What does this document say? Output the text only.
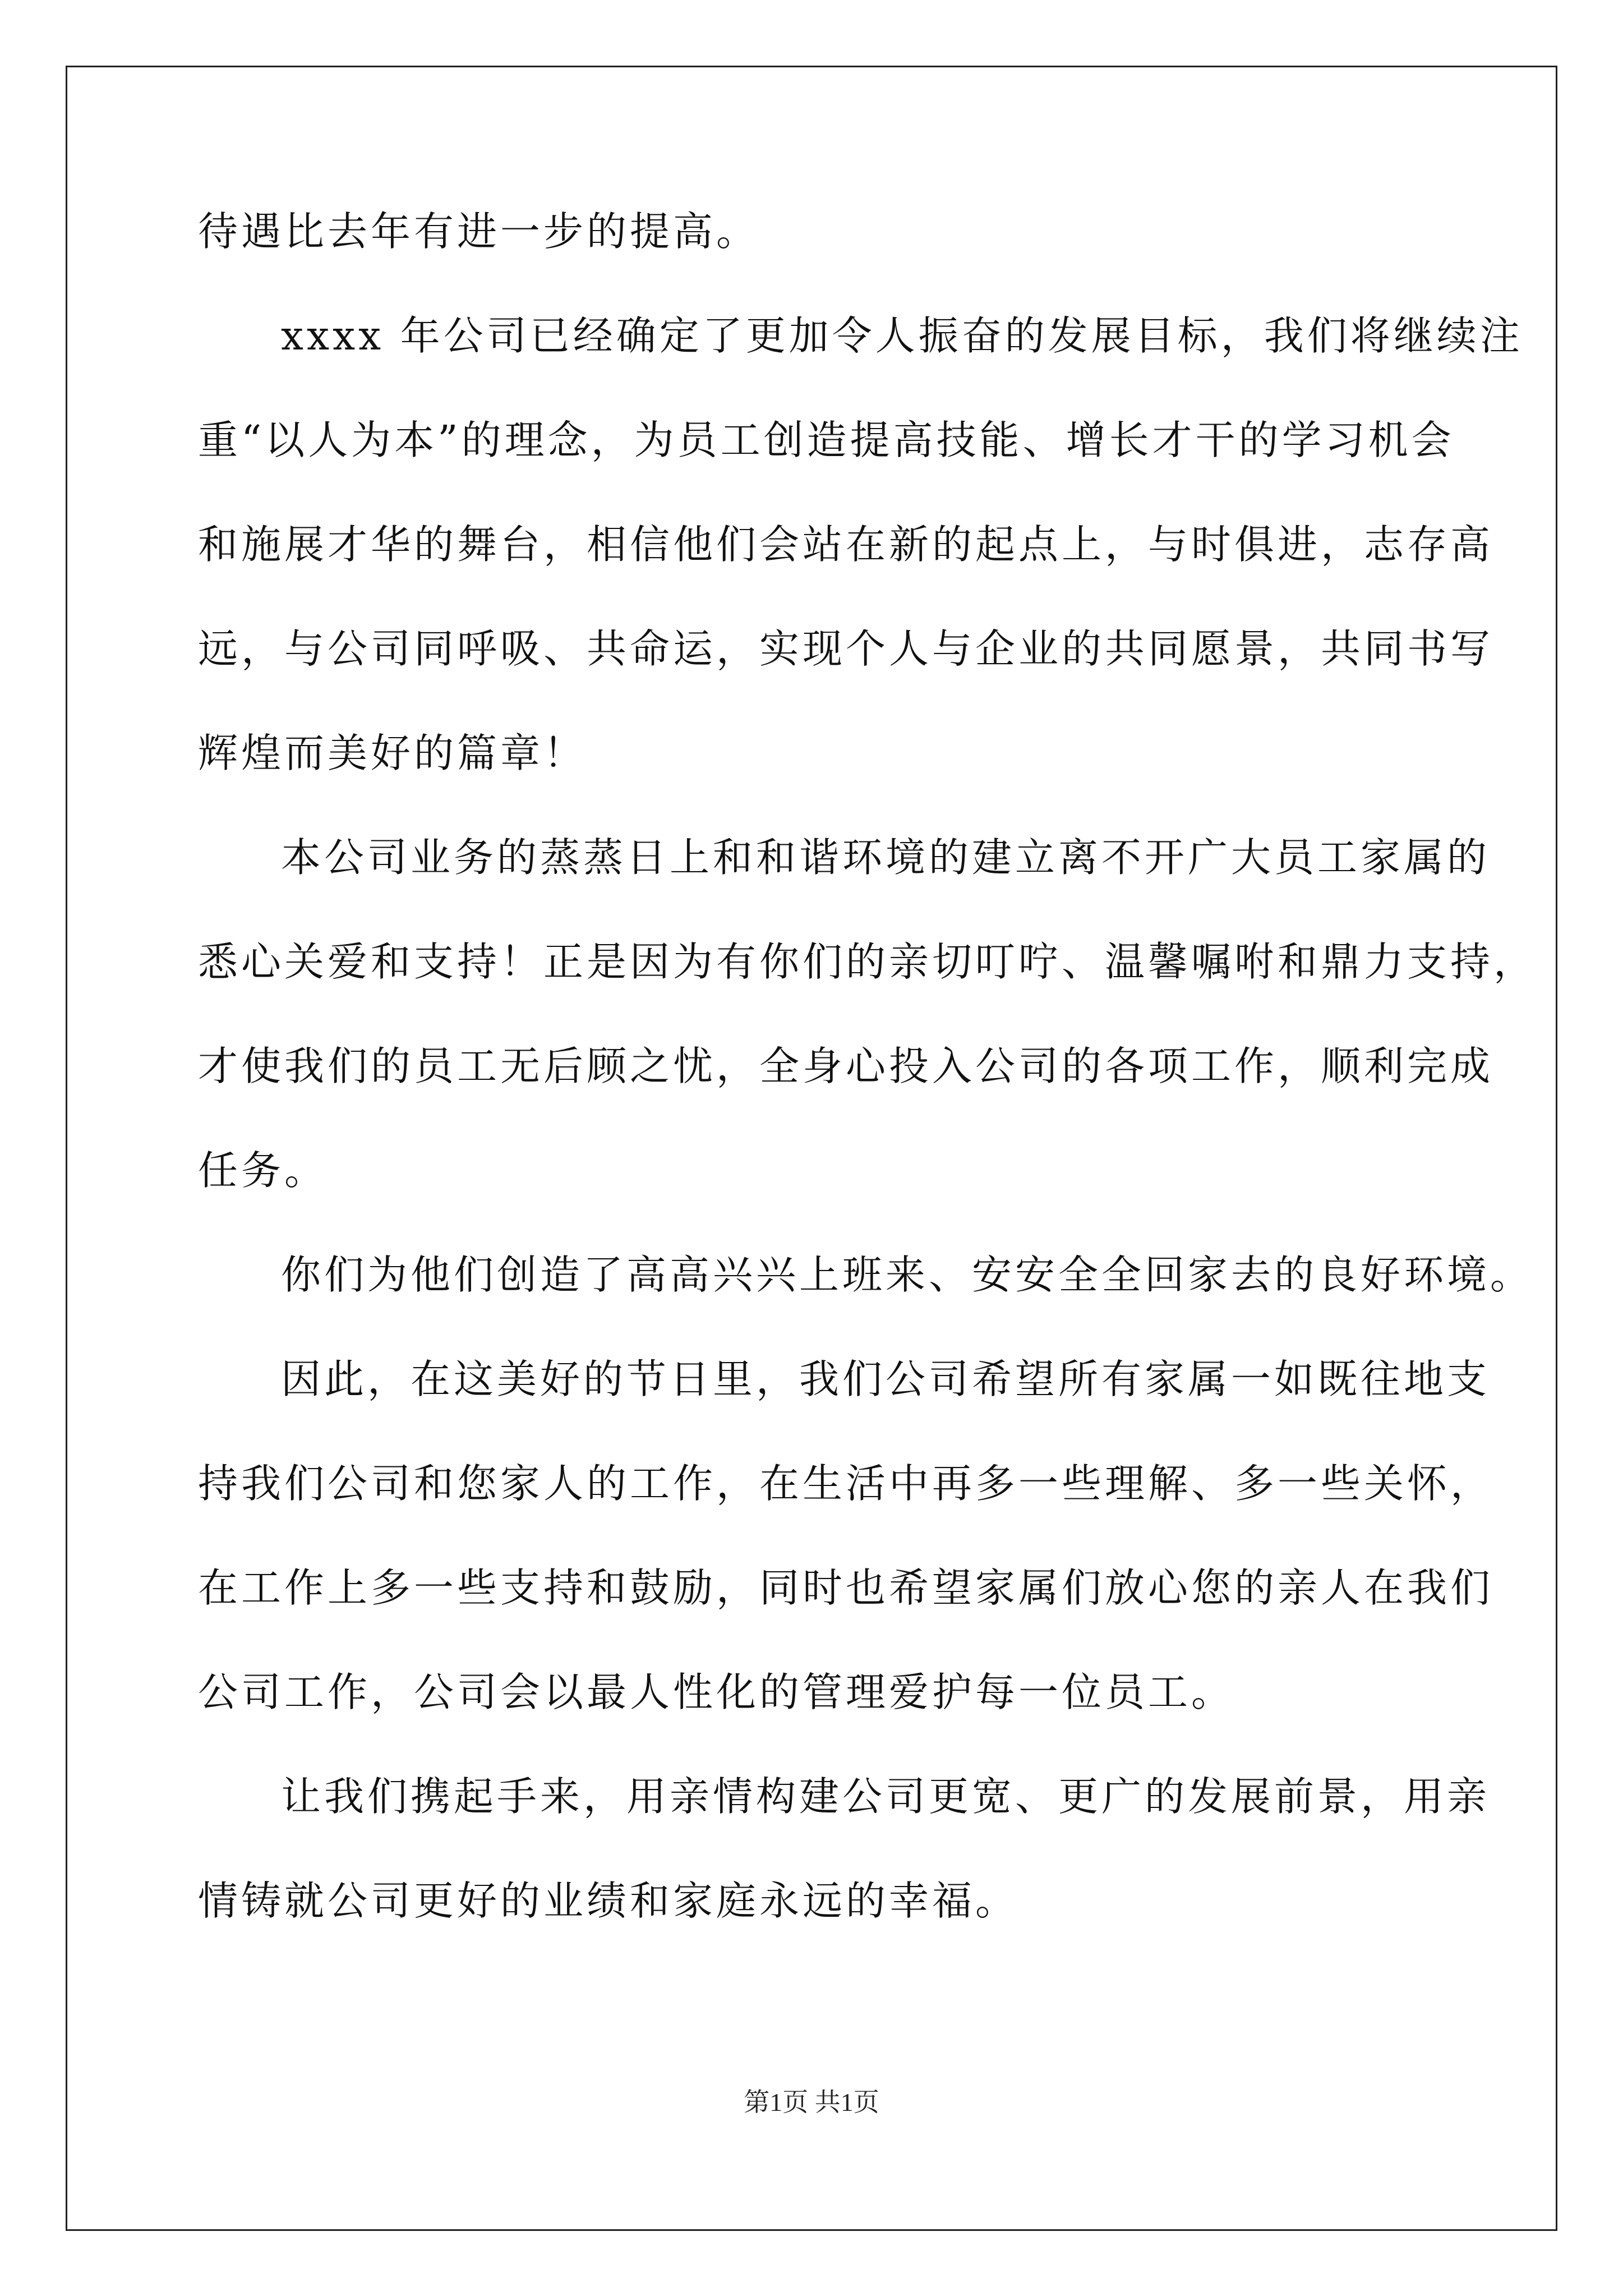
待遇比去年有进一步的提高。
xxxx 年公司已经确定了更加令人振奋的发展目标，我们将继续注
重“以人为本”的理念，为员工创造提高技能、增长才干的学习机会
和施展才华的舞台，相信他们会站在新的起点上，与时俱进，志存高
远，与公司同呼吸、共命运，实现个人与企业的共同愿景，共同书写
辉煌而美好的篇章！
本公司业务的蒸蒸日上和和谐环境的建立离不开广大员工家属的
悉心关爱和支持！正是因为有你们的亲切叮咛、温馨嘱咐和鼎力支持，
才使我们的员工无后顾之忧，全身心投入公司的各项工作，顺利完成
任务。
你们为他们创造了高高兴兴上班来、安安全全回家去的良好环境。
因此，在这美好的节日里，我们公司希望所有家属一如既往地支
持我们公司和您家人的工作，在生活中再多一些理解、多一些关怀，
在工作上多一些支持和鼓励，同时也希望家属们放心您的亲人在我们
公司工作，公司会以最人性化的管理爱护每一位员工。
让我们携起手来，用亲情构建公司更宽、更广的发展前景，用亲
情铸就公司更好的业绩和家庭永远的幸福。
第1页 共1页
